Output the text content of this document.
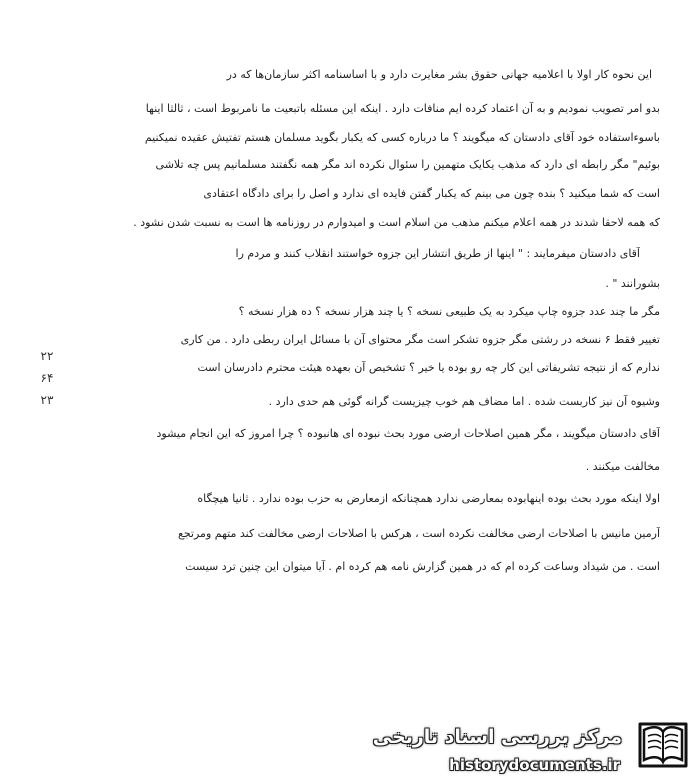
این نحوه کار اولا با اعلامیه جهانی حقوق بشر مغایرت دارد و با اساسنامه اکثر سازمان‌ها که در
بدو امر تصویب نمودیم و به آن اعتماد کرده ایم منافات دارد . اینکه این مسئله باتبعیت ما نامربوط است ، ثالثا اینها
باسوءاستفاده خود آقای دادستان که میگویند ؟ ما درباره کسی که یکبار بگوید مسلمان هستم تفتیش عقیده نمیکنیم
بوئیم" مگر رابطه ای دارد که مذهب یکایک متهمین را سئوال نکرده اند مگر همه نگفتند مسلمانیم پس چه تلاشی
است که شما میکنید ؟ بنده چون می بینم که یکبار گفتن فایده ای ندارد و اصل را برای دادگاه اعتقادی
که همه لاحقا شدند در همه اعلام میکنم مذهب من اسلام است و امیدوارم در روزنامه ها است به نسبت شدن نشود .
آقای دادستان میفرمایند : " اینها از طریق انتشار این جزوه خواستند انقلاب کنند و مردم را
بشورانند " .
مگر ما چند عدد جزوه چاپ میکرد به یک طبیعی نسخه ؟ یا چند هزار نسخه ؟ ده هزار نسخه ؟
تغییر فقط ۶ نسخه در رشتی مگر جزوه تشکر است مگر محتوای آن با مسائل ایران ربطی دارد . من کاری
ندارم که از نتیجه تشریفاتی این کار چه رو بوده یا خیر ؟ تشخیص آن بعهده هیئت محترم دادرسان است
وشیوه آن نیز کاربست شده . اما مضاف هم خوب چیزیست گرانه گوئی هم حدی دارد .
آقای دادستان میگویند ، مگر همین اصلاحات ارضی مورد بحث نبوده ای هانبوده ؟ چرا امروز که این انجام میشود
مخالفت میکنند .
اولا اینکه مورد بحث بوده اینهابوده بمعارضی ندارد همچنانکه ازمعارض به حزب بوده ندارد . ثانیا هیچگاه
آرمین مانیس با اصلاحات ارضی مخالفت نکرده است ، هرکس با اصلاحات ارضی مخالفت کند متهم ومرتجع
است . من شیداد وساعت کرده ام که در همین گزارش نامه هم کرده ام . آیا میتوان این چنین ترد سیست
۲۲
۶۴
۲۳
مرکز بررسی اسناد تاریخی
historydocuments.ir
